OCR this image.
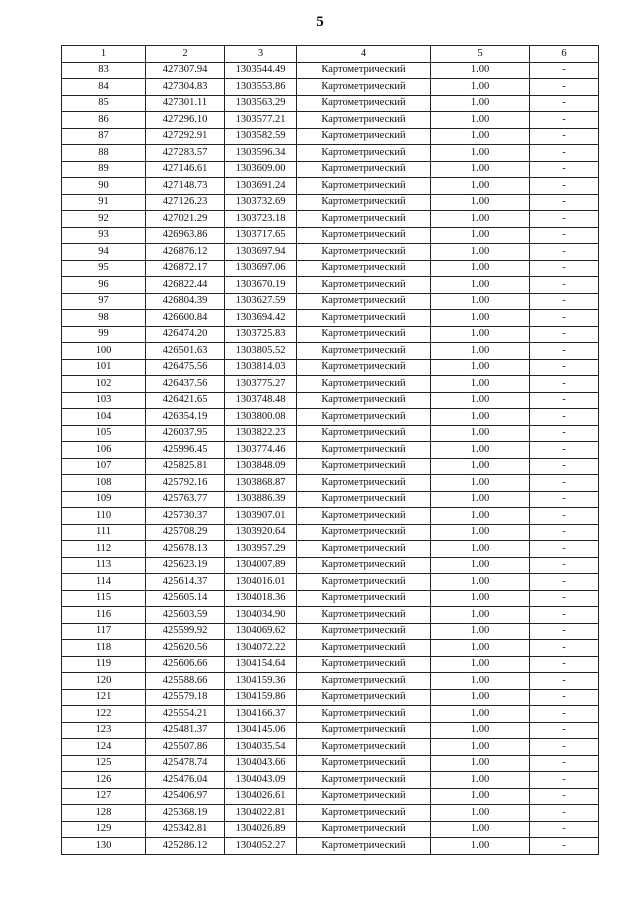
5
1	2	3	4	5	6
83	427307.94	1303544.49	Картометрический	1.00	-
84	427304.83	1303553.86	Картометрический	1.00	-
85	427301.11	1303563.29	Картометрический	1.00	-
86	427296.10	1303577.21	Картометрический	1.00	-
87	427292.91	1303582.59	Картометрический	1.00	-
88	427283.57	1303596.34	Картометрический	1.00	-
89	427146.61	1303609.00	Картометрический	1.00	-
90	427148.73	1303691.24	Картометрический	1.00	-
91	427126.23	1303732.69	Картометрический	1.00	-
92	427021.29	1303723.18	Картометрический	1.00	-
93	426963.86	1303717.65	Картометрический	1.00	-
94	426876.12	1303697.94	Картометрический	1.00	-
95	426872.17	1303697.06	Картометрический	1.00	-
96	426822.44	1303670.19	Картометрический	1.00	-
97	426804.39	1303627.59	Картометрический	1.00	-
98	426600.84	1303694.42	Картометрический	1.00	-
99	426474.20	1303725.83	Картометрический	1.00	-
100	426501.63	1303805.52	Картометрический	1.00	-
101	426475.56	1303814.03	Картометрический	1.00	-
102	426437.56	1303775.27	Картометрический	1.00	-
103	426421.65	1303748.48	Картометрический	1.00	-
104	426354.19	1303800.08	Картометрический	1.00	-
105	426037.95	1303822.23	Картометрический	1.00	-
106	425996.45	1303774.46	Картометрический	1.00	-
107	425825.81	1303848.09	Картометрический	1.00	-
108	425792.16	1303868.87	Картометрический	1.00	-
109	425763.77	1303886.39	Картометрический	1.00	-
110	425730.37	1303907.01	Картометрический	1.00	-
111	425708.29	1303920.64	Картометрический	1.00	-
112	425678.13	1303957.29	Картометрический	1.00	-
113	425623.19	1304007.89	Картометрический	1.00	-
114	425614.37	1304016.01	Картометрический	1.00	-
115	425605.14	1304018.36	Картометрический	1.00	-
116	425603.59	1304034.90	Картометрический	1.00	-
117	425599.92	1304069.62	Картометрический	1.00	-
118	425620.56	1304072.22	Картометрический	1.00	-
119	425606.66	1304154.64	Картометрический	1.00	-
120	425588.66	1304159.36	Картометрический	1.00	-
121	425579.18	1304159.86	Картометрический	1.00	-
122	425554.21	1304166.37	Картометрический	1.00	-
123	425481.37	1304145.06	Картометрический	1.00	-
124	425507.86	1304035.54	Картометрический	1.00	-
125	425478.74	1304043.66	Картометрический	1.00	-
126	425476.04	1304043.09	Картометрический	1.00	-
127	425406.97	1304026.61	Картометрический	1.00	-
128	425368.19	1304022.81	Картометрический	1.00	-
129	425342.81	1304026.89	Картометрический	1.00	-
130	425286.12	1304052.27	Картометрический	1.00	-
